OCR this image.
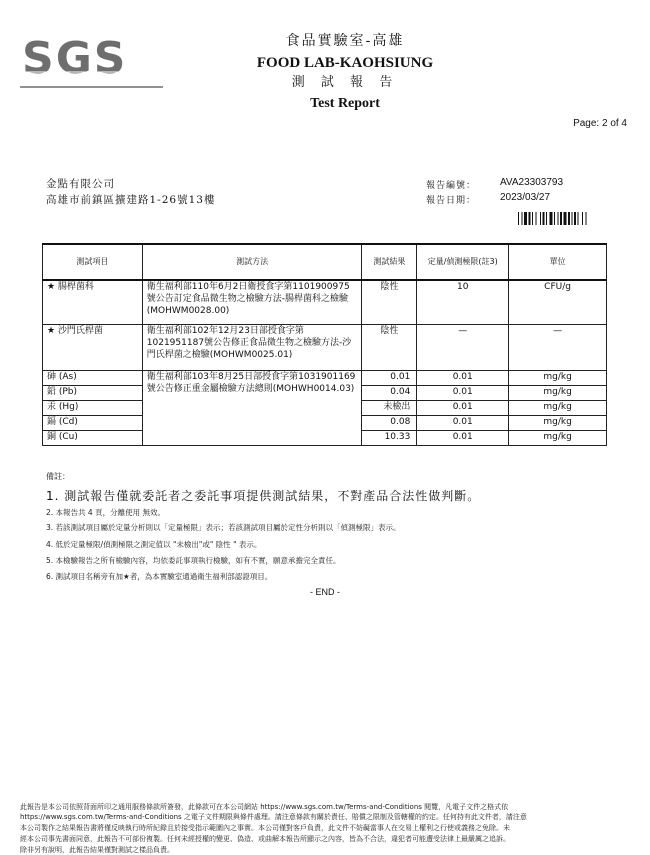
SGS	食品實驗室-高雄
FOOD LAB-KAOHSIUNG
測 試 報 告
Test Report
Page: 2 of 4
金點有限公司
高雄市前鎮區擴建路1-26號13樓
報告編號： AVA23303793
報告日期： 2023/03/27
測試項目	測試方法	測試結果	定量/偵測極限(註3)	單位
★ 腸桿菌科	衛生福利部110年6月2日衛授食字第1101900975號公告訂定食品微生物之檢驗方法-腸桿菌科之檢驗(MOHWM0028.00)	陰性	10	CFU/g
★ 沙門氏桿菌	衛生福利部102年12月23日部授食字第1021951187號公告修正食品微生物之檢驗方法-沙門氏桿菌之檢驗(MOHWM0025.01)	陰性	—	—
砷 (As)	衛生福利部103年8月25日部授食字第1031901169 號公告修正重金屬檢驗方法總則(MOHWH0014.03)	0.01	0.01	mg/kg
鉛 (Pb)		0.04	0.01	mg/kg
汞 (Hg)		未檢出	0.01	mg/kg
鎘 (Cd)		0.08	0.01	mg/kg
銅 (Cu)		10.33	0.01	mg/kg
備註：
1. 測試報告僅就委託者之委託事項提供測試結果，不對產品合法性做判斷。
2. 本報告共 4 頁，分離使用 無效。
3. 若該測試項目屬於定量分析則以「定量極限」表示；若該測試項目屬於定性分析則以「偵測極限」表示。
4. 低於定量極限/偵測極限之測定值以 "未檢出"或" 陰性 " 表示。
5. 本檢驗報告之所有檢驗內容，均依委託事項執行檢驗，如有不實，願意承擔完全責任。
6. 測試項目名稱旁有加★者，為本實驗室通過衛生福利部認證項目。
- END -
此報告是本公司依照背面所印之通用服務條款所簽發，此條款可在本公司網站 https://www.sgs.com.tw/Terms-and-Conditions 閱覽，凡電子文件之格式依
https://www.sgs.com.tw/Terms-and-Conditions 之電子文件期限與條件處理。請注意條款有關於責任、賠償之限制及管轄權的約定。任何持有此文件者，請注意
本公司製作之結果報告書將僅反映執行時所紀錄且於接受指示範圍內之事實。本公司僅對客戶負責，此文件不妨礙當事人在交易上權利之行使或義務之免除。未
經本公司事先書面同意，此報告不可部份複製。任何未經授權的變更、偽造、或曲解本報告所顯示之內容，皆為不合法，違犯者可能遭受法律上最嚴厲之追訴。
除非另有說明，此報告結果僅對測試之樣品負責。
